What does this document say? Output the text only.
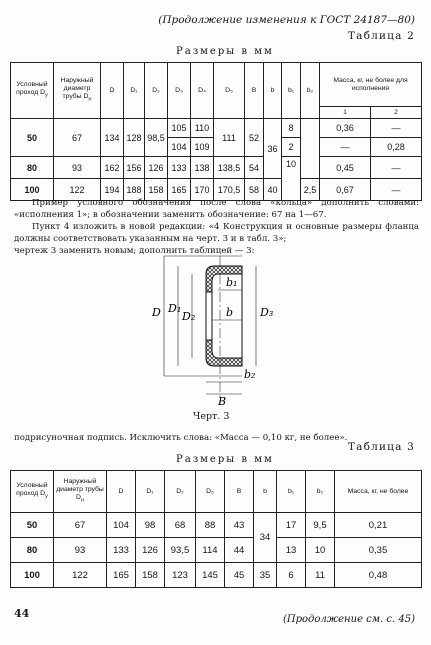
(Продолжение изменения к ГОСТ 24187—80)
Таблица 2
Размеры в мм
Условный проход $D_у$	Наружный диаметр трубы $D_н$	D	D₁	D₂	D₃	D₄	D₅	B	b	b₁	b₂	Масса, кг, не более для исполнения	
												1	2
50	67	134	128	98,5	105	110	111	52	36	8		0,36	—
					104	109				2		—	0,28
80	93	162	156	126	133	138	138,5	54		10		0,45	—
100	122	194	188	158	165	170	170,5	58	40		2,5	0,67	—
Пример условного обозначения после слова «кольца» дополнить словами: «исполнения 1»; в обозначении заменить обозначение: 67 на 1—67.
Пункт 4 изложить в новой редакции: «4 Конструкция и основные размеры фланца должны соответствовать указанным на черт. 3 и в табл. 3»;
чертеж 3 заменить новым; дополнить таблицей — 3:
D D₁
D₂	D₃
b₁
b
b₂
B
Черт. 3
подрисуночная подпись. Исключить слова: «Масса — 0,10 кг, не более».
Таблица 3
Размеры в мм
Условный проход $D_у$	Наружный диаметр трубы $D_н$	D	D₁	D₂	D₅	B	b	b₁	b₂	Масса, кг, не более
50	67	104	98	68	88	43	34	17	9,5	0,21
80	93	133	126	93,5	114	44		13	10	0,35
100	122	165	158	123	145	45	35	6	11	0,48
44	(Продолжение см. с. 45)
